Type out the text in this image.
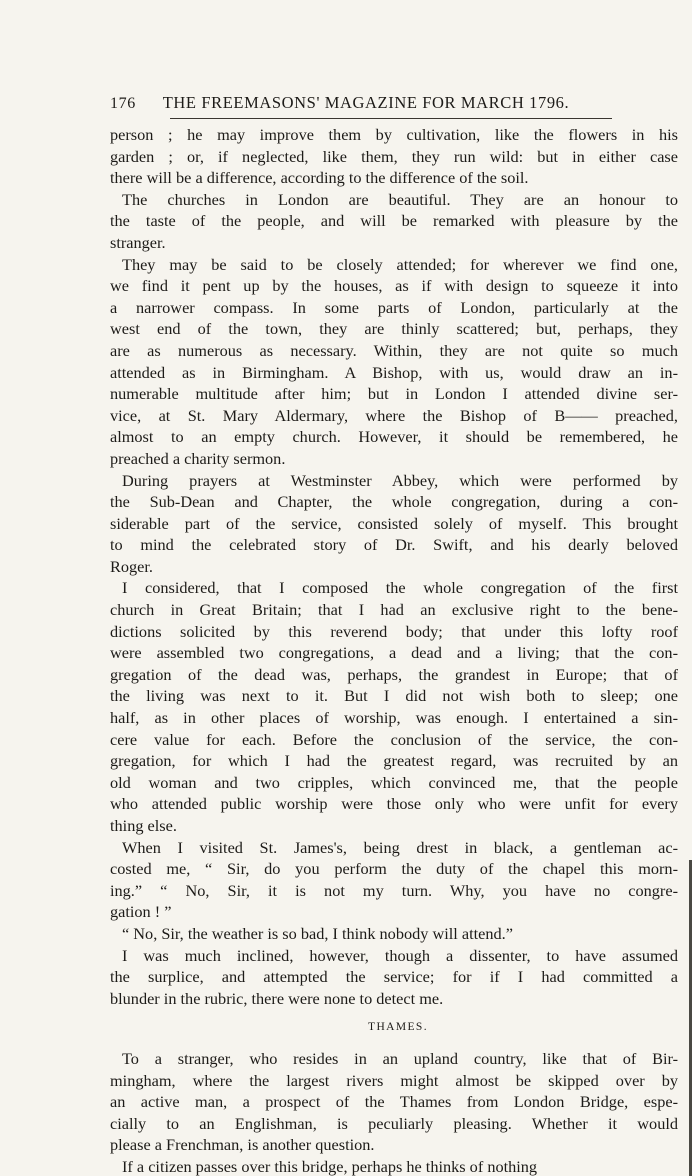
176 THE FREEMASONS' MAGAZINE FOR MARCH 1796.
person ; he may improve them by cultivation, like the flowers in his
garden ; or, if neglected, like them, they run wild: but in either case
there will be a difference, according to the difference of the soil.
The churches in London are beautiful. They are an honour to
the taste of the people, and will be remarked with pleasure by the
stranger.
They may be said to be closely attended; for wherever we find one,
we find it pent up by the houses, as if with design to squeeze it into
a narrower compass. In some parts of London, particularly at the
west end of the town, they are thinly scattered; but, perhaps, they
are as numerous as necessary. Within, they are not quite so much
attended as in Birmingham. A Bishop, with us, would draw an in-
numerable multitude after him; but in London I attended divine ser-
vice, at St. Mary Aldermary, where the Bishop of B—— preached,
almost to an empty church. However, it should be remembered, he
preached a charity sermon.
During prayers at Westminster Abbey, which were performed by
the Sub-Dean and Chapter, the whole congregation, during a con-
siderable part of the service, consisted solely of myself. This brought
to mind the celebrated story of Dr. Swift, and his dearly beloved
Roger.
I considered, that I composed the whole congregation of the first
church in Great Britain; that I had an exclusive right to the bene-
dictions solicited by this reverend body; that under this lofty roof
were assembled two congregations, a dead and a living; that the con-
gregation of the dead was, perhaps, the grandest in Europe; that of
the living was next to it. But I did not wish both to sleep; one
half, as in other places of worship, was enough. I entertained a sin-
cere value for each. Before the conclusion of the service, the con-
gregation, for which I had the greatest regard, was recruited by an
old woman and two cripples, which convinced me, that the people
who attended public worship were those only who were unfit for every
thing else.
When I visited St. James's, being drest in black, a gentleman ac-
costed me, “ Sir, do you perform the duty of the chapel this morn-
ing.” “ No, Sir, it is not my turn. Why, you have no congre-
gation ! ”
“ No, Sir, the weather is so bad, I think nobody will attend.”
I was much inclined, however, though a dissenter, to have assumed
the surplice, and attempted the service; for if I had committed a
blunder in the rubric, there were none to detect me.
THAMES.
To a stranger, who resides in an upland country, like that of Bir-
mingham, where the largest rivers might almost be skipped over by
an active man, a prospect of the Thames from London Bridge, espe-
cially to an Englishman, is peculiarly pleasing. Whether it would
please a Frenchman, is another question.
If a citizen passes over this bridge, perhaps he thinks of nothing
